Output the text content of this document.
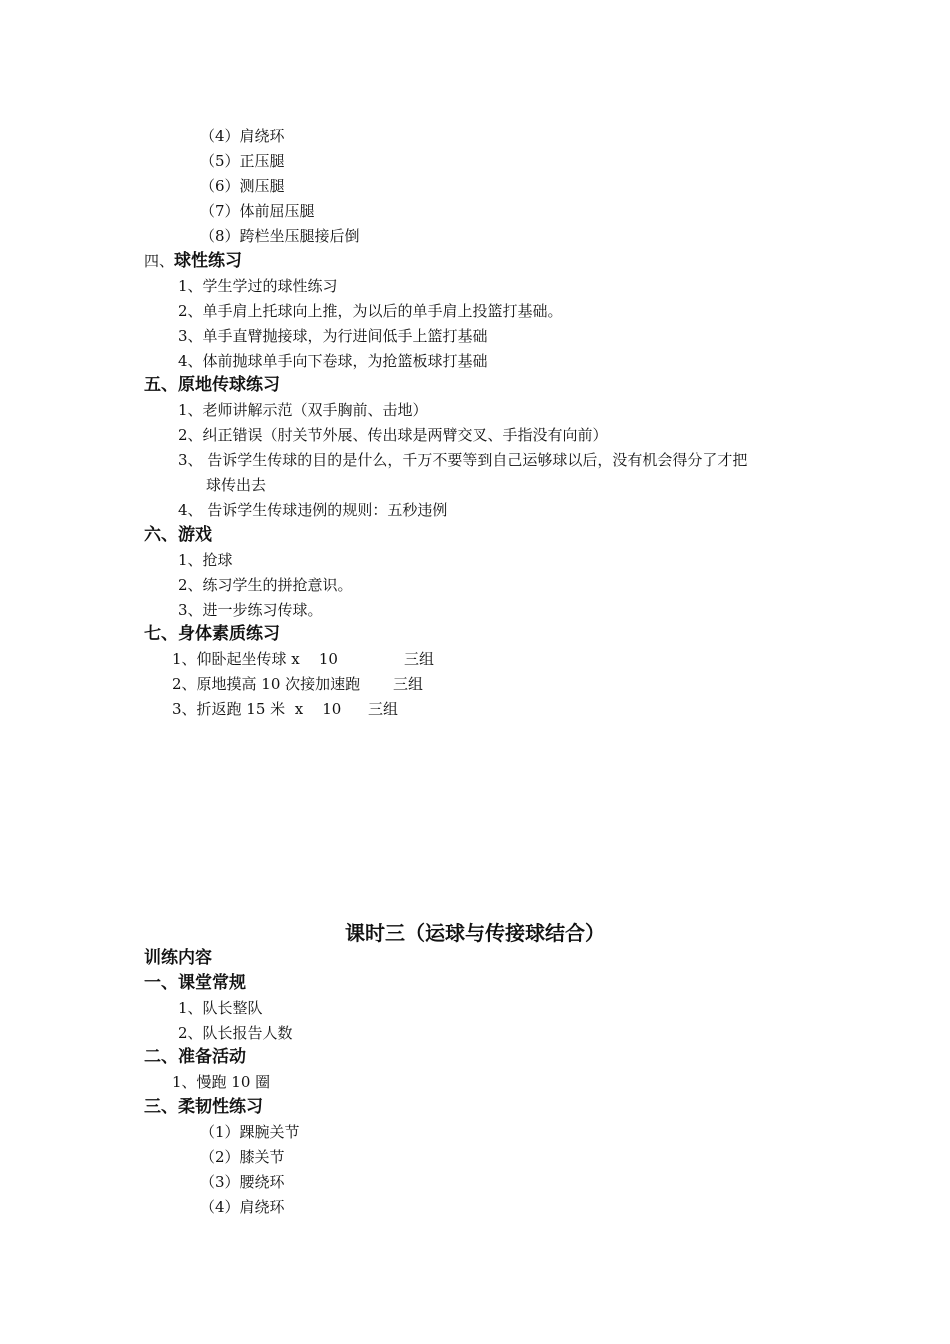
（4）肩绕环
（5）正压腿
（6）测压腿
（7）体前屈压腿
（8）跨栏坐压腿接后倒
四、球性练习
1、学生学过的球性练习
2、单手肩上托球向上推，为以后的单手肩上投篮打基础。
3、单手直臂抛接球，为行进间低手上篮打基础
4、体前抛球单手向下卷球，为抢篮板球打基础
五、原地传球练习
1、老师讲解示范（双手胸前、击地）
2、纠正错误（肘关节外展、传出球是两臂交叉、手指没有向前）
3、 告诉学生传球的目的是什么，千万不要等到自己运够球以后，没有机会得分了才把
球传出去
4、 告诉学生传球违例的规则：五秒违例
六、游戏
1、抢球
2、练习学生的拼抢意识。
3、进一步练习传球。
七、身体素质练习
1、仰卧起坐传球 x    10	三组
2、原地摸高 10 次接加速跑 三组
3、折返跑 15 米  x    10 三组
课时三（运球与传接球结合）
训练内容
一、课堂常规
1、队长整队
2、队长报告人数
二、准备活动
1、慢跑 10 圈
三、柔韧性练习
（1）踝腕关节
（2）膝关节
（3）腰绕环
（4）肩绕环
